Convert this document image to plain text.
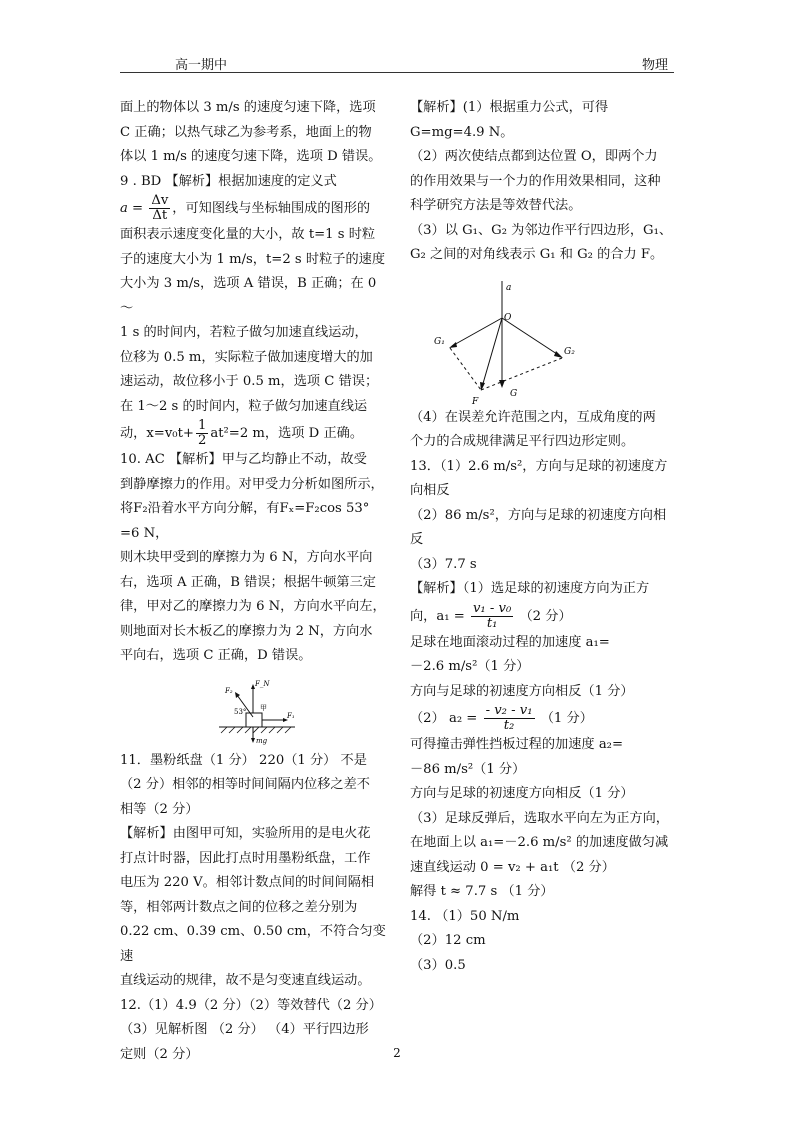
高一期中	物理

面上的物体以 3 m/s 的速度匀速下降，选项

C 正确；以热气球乙为参考系，地面上的物

体以 1 m/s 的速度匀速下降，选项 D 错误。

9 . BD 【解析】根据加速度的定义式

$a = \frac{\Delta v}{\Delta t}$ ，可知图线与坐标轴围成的图形的

面积表示速度变化量的大小，故 t=1 s 时粒

子的速度大小为 1 m/s，t=2 s 时粒子的速度

大小为 3 m/s，选项 A 错误，B 正确；在 0～

1 s 的时间内，若粒子做匀加速直线运动，

位移为 0.5 m，实际粒子做加速度增大的加

速运动，故位移小于 0.5 m，选项 C 错误；

在 1～2 s 的时间内，粒子做匀加速直线运

动，$x=v_0t+ \frac{1}{2} at^2=2$ m，选项 D 正确。

10. AC 【解析】甲与乙均静止不动，故受

到静摩擦力的作用。对甲受力分析如图所示，

将F₂沿着水平方向分解，有Fₓ=F₂cos 53° =6 N，

则木块甲受到的摩擦力为 6 N，方向水平向

右，选项 A 正确，B 错误；根据牛顿第三定

律，甲对乙的摩擦力为 6 N，方向水平向左，

则地面对长木板乙的摩擦力为 2 N，方向水

平向右，选项 C 正确，D 错误。

F_N
F₂
53° 甲
F₁
mg

11．墨粉纸盘（1 分） 220（1 分） 不是

（2 分）相邻的相等时间间隔内位移之差不

相等（2 分）

【解析】由图甲可知，实验所用的是电火花

打点计时器，因此打点时用墨粉纸盘，工作

电压为 220 V。相邻计数点间的时间间隔相

等，相邻两计数点之间的位移之差分别为

0.22 cm、0.39 cm、0.50 cm，不符合匀变速

直线运动的规律，故不是匀变速直线运动。

12.（1）4.9（2 分）（2）等效替代（2 分）

（3）见解析图 （2 分） （4）平行四边形

定则（2 分）

【解析】(1）根据重力公式，可得 G=mg=4.9 N。

（2）两次使结点都到达位置 O，即两个力

的作用效果与一个力的作用效果相同，这种

科学研究方法是等效替代法。

（3）以 G₁、G₂ 为邻边作平行四边形，G₁、

G₂ 之间的对角线表示 G₁ 和 G₂ 的合力 F。

a
O
G₁
G₂
F
G

（4）在误差允许范围之内，互成角度的两

个力的合成规律满足平行四边形定则。

13．（1）2.6 m/s²，方向与足球的初速度方

向相反

（2）86 m/s²，方向与足球的初速度方向相反

（3）7.7 s

【解析】（1）选足球的初速度方向为正方

向，$a_1 = \frac{\text{v₁ - v₀}}{\text{t₁}} (2$ 分）

足球在地面滚动过程的加速度 a₁=

－2.6 m/s²（1 分）

方向与足球的初速度方向相反（1 分）

（2） $a_2 = \frac{\text{- v₂ - v₁}}{\text{t₂}} (1$ 分）

可得撞击弹性挡板过程的加速度 a₂=

－86 m/s²（1 分）

方向与足球的初速度方向相反（1 分）

（3）足球反弹后，选取水平向左为正方向，

在地面上以 a₁=－2.6 m/s² 的加速度做匀减

速直线运动 0 = v₂ + a₁t （2 分）

解得 t ≈ 7.7 s （1 分）

14. （1）50 N/m

（2）12 cm

（3）0.5

2
